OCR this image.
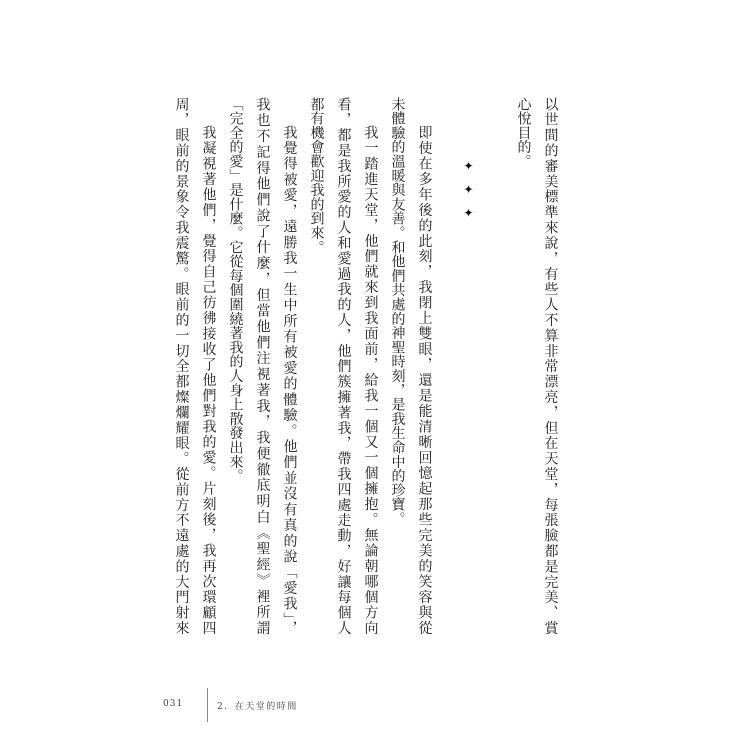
以世間的審美標準來說，有些人不算非常漂亮，但在天堂，每張臉都是完美、賞
心悅目的。
✦✦✦
即使在多年後的此刻，我閉上雙眼，還是能清晰回憶起那些完美的笑容與從
未體驗的溫暖與友善。和他們共處的神聖時刻，是我生命中的珍寶。
我一踏進天堂，他們就來到我面前，給我一個又一個擁抱。無論朝哪個方向
看，都是我所愛的人和愛過我的人，他們簇擁著我，帶我四處走動，好讓每個人
都有機會歡迎我的到來。
我覺得被愛，遠勝我一生中所有被愛的體驗。他們並沒有真的說「愛我」，
我也不記得他們說了什麼，但當他們注視著我，我便徹底明白《聖經》裡所謂
「完全的愛」是什麼。它從每個圍繞著我的人身上散發出來。
我凝視著他們，覺得自己彷彿接收了他們對我的愛。片刻後，我再次環顧四
周，眼前的景象令我震驚。眼前的一切全都燦爛耀眼。從前方不遠處的大門射來
031	2．在天堂的時間
